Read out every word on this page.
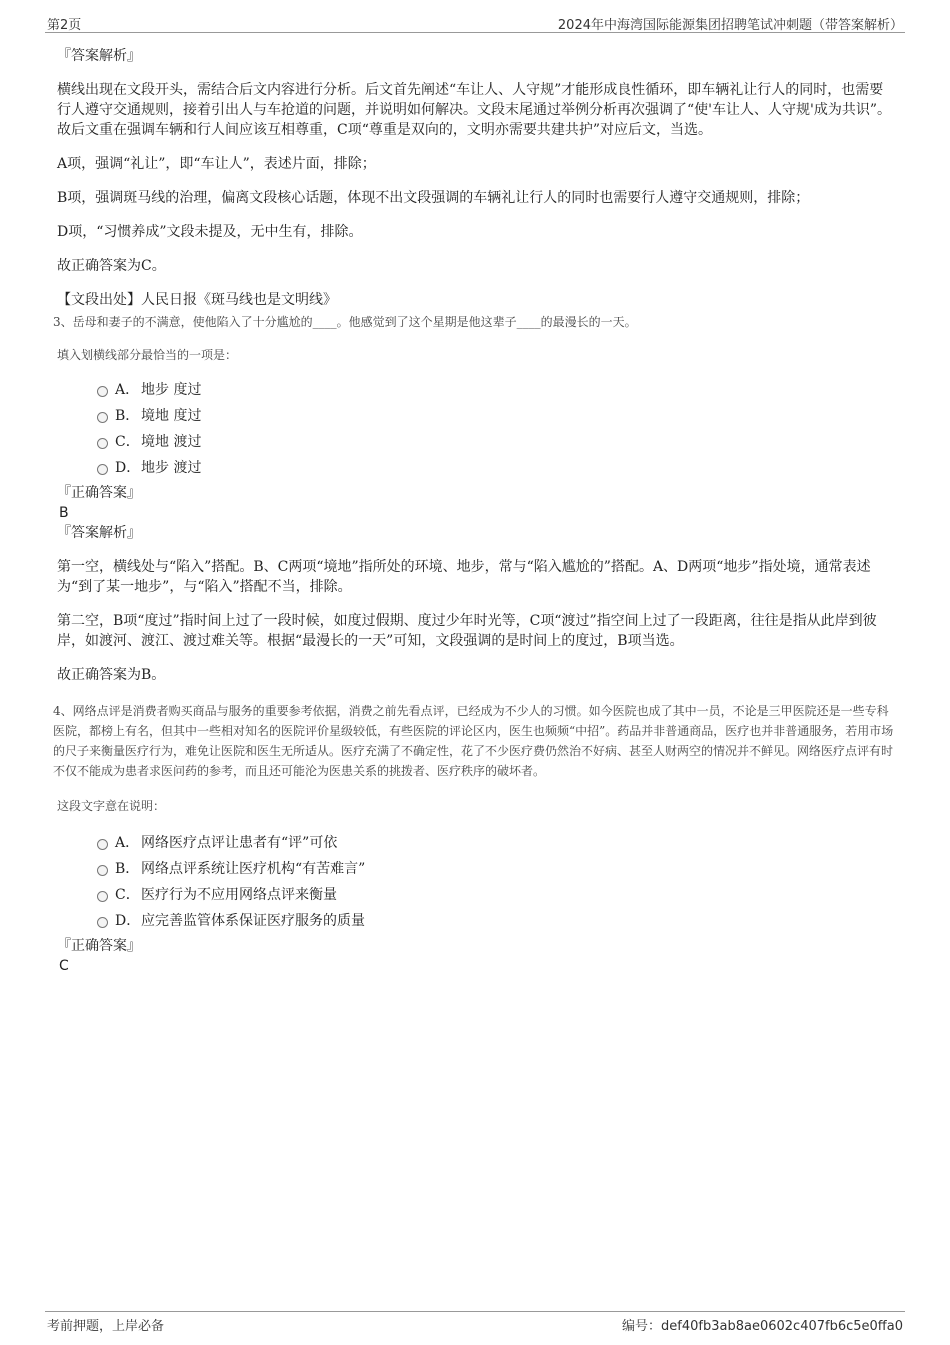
第2页	2024年中海湾国际能源集团招聘笔试冲刺题（带答案解析）

『答案解析』

横线出现在文段开头，需结合后文内容进行分析。后文首先阐述“车让人、人守规”才能形成良性循环，即车辆礼让行人的同时，也需要行人遵守交通规则，接着引出人与车抢道的问题，并说明如何解决。文段末尾通过举例分析再次强调了“使'车让人、人守规'成为共识”。故后文重在强调车辆和行人间应该互相尊重，C项“尊重是双向的，文明亦需要共建共护”对应后文，当选。

A项，强调“礼让”，即“车让人”，表述片面，排除；

B项，强调斑马线的治理，偏离文段核心话题，体现不出文段强调的车辆礼让行人的同时也需要行人遵守交通规则，排除；

D项，“习惯养成”文段未提及，无中生有，排除。

故正确答案为C。

【文段出处】人民日报《斑马线也是文明线》

3、岳母和妻子的不满意，使他陷入了十分尴尬的____。他感觉到了这个星期是他这辈子____的最漫长的一天。

填入划横线部分最恰当的一项是：

A． 地步 度过
B． 境地 度过
C．境地 渡过
D．地步 渡过

『正确答案』

B

『答案解析』

第一空，横线处与“陷入”搭配。B、C两项“境地”指所处的环境、地步，常与“陷入尴尬的”搭配。A、D两项“地步”指处境，通常表述为“到了某一地步”，与“陷入”搭配不当，排除。

第二空，B项“度过”指时间上过了一段时候，如度过假期、度过少年时光等，C项“渡过”指空间上过了一段距离，往往是指从此岸到彼岸，如渡河、渡江、渡过难关等。根据“最漫长的一天”可知，文段强调的是时间上的度过，B项当选。

故正确答案为B。

4、网络点评是消费者购买商品与服务的重要参考依据，消费之前先看点评，已经成为不少人的习惯。如今医院也成了其中一员，不论是三甲医院还是一些专科医院，都榜上有名，但其中一些相对知名的医院评价星级较低，有些医院的评论区内，医生也频频“中招”。药品并非普通商品，医疗也并非普通服务，若用市场的尺子来衡量医疗行为，难免让医院和医生无所适从。医疗充满了不确定性，花了不少医疗费仍然治不好病、甚至人财两空的情况并不鲜见。网络医疗点评有时不仅不能成为患者求医问药的参考，而且还可能沦为医患关系的挑拨者、医疗秩序的破坏者。

这段文字意在说明：

A． 网络医疗点评让患者有“评”可依
B． 网络点评系统让医疗机构“有苦难言”
C．医疗行为不应用网络点评来衡量
D．应完善监管体系保证医疗服务的质量

『正确答案』

C

考前押题，上岸必备	编号：def40fb3ab8ae0602c407fb6c5e0ffa0
